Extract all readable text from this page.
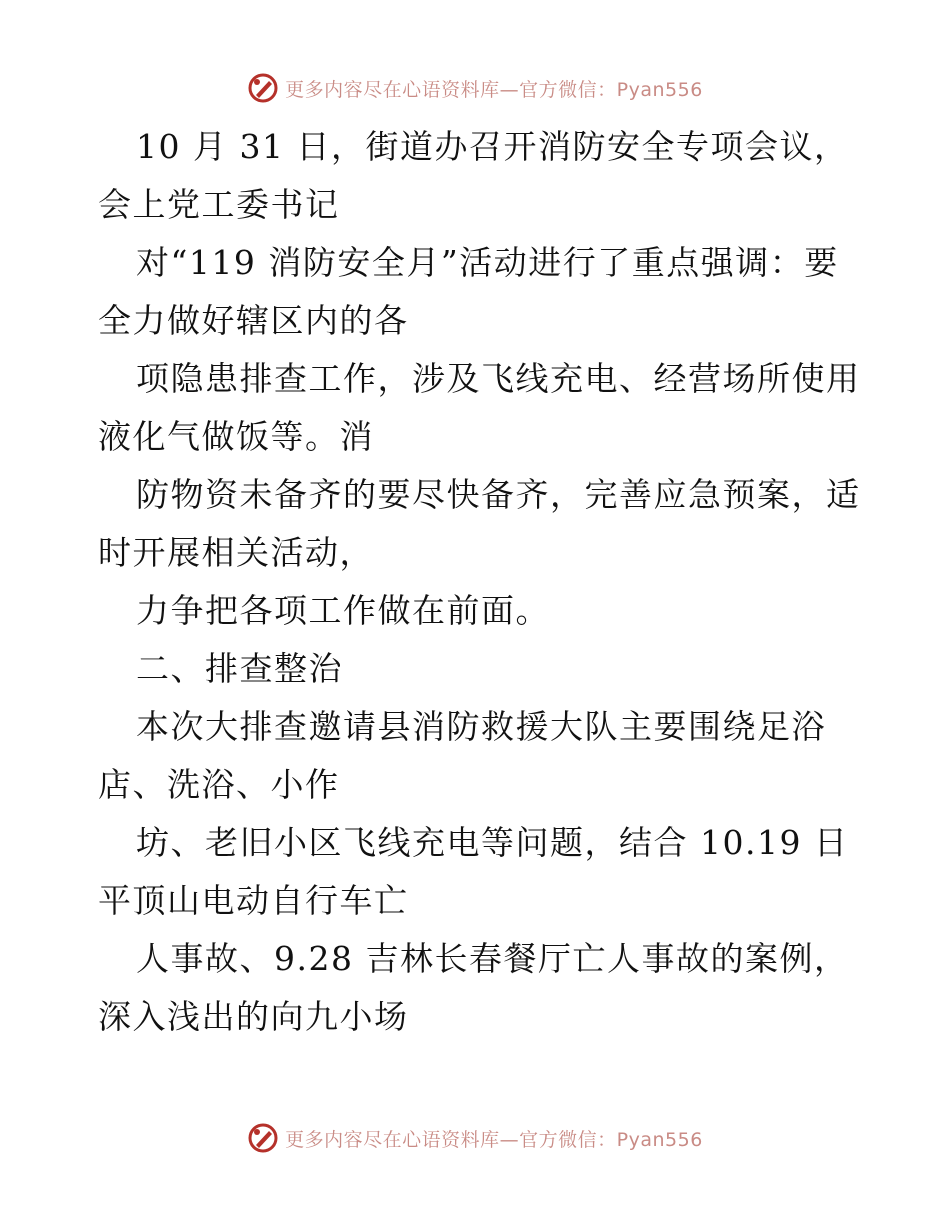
更多内容尽在心语资料库—官方微信：Pyan556
10 月 31 日，街道办召开消防安全专项会议，
会上党工委书记
对“119 消防安全月”活动进行了重点强调：要
全力做好辖区内的各
项隐患排查工作，涉及飞线充电、经营场所使用
液化气做饭等。消
防物资未备齐的要尽快备齐，完善应急预案，适
时开展相关活动，
力争把各项工作做在前面。
二、排查整治
本次大排查邀请县消防救援大队主要围绕足浴
店、洗浴、小作
坊、老旧小区飞线充电等问题，结合 10.19 日
平顶山电动自行车亡
人事故、9.28 吉林长春餐厅亡人事故的案例，
深入浅出的向九小场
更多内容尽在心语资料库—官方微信：Pyan556
